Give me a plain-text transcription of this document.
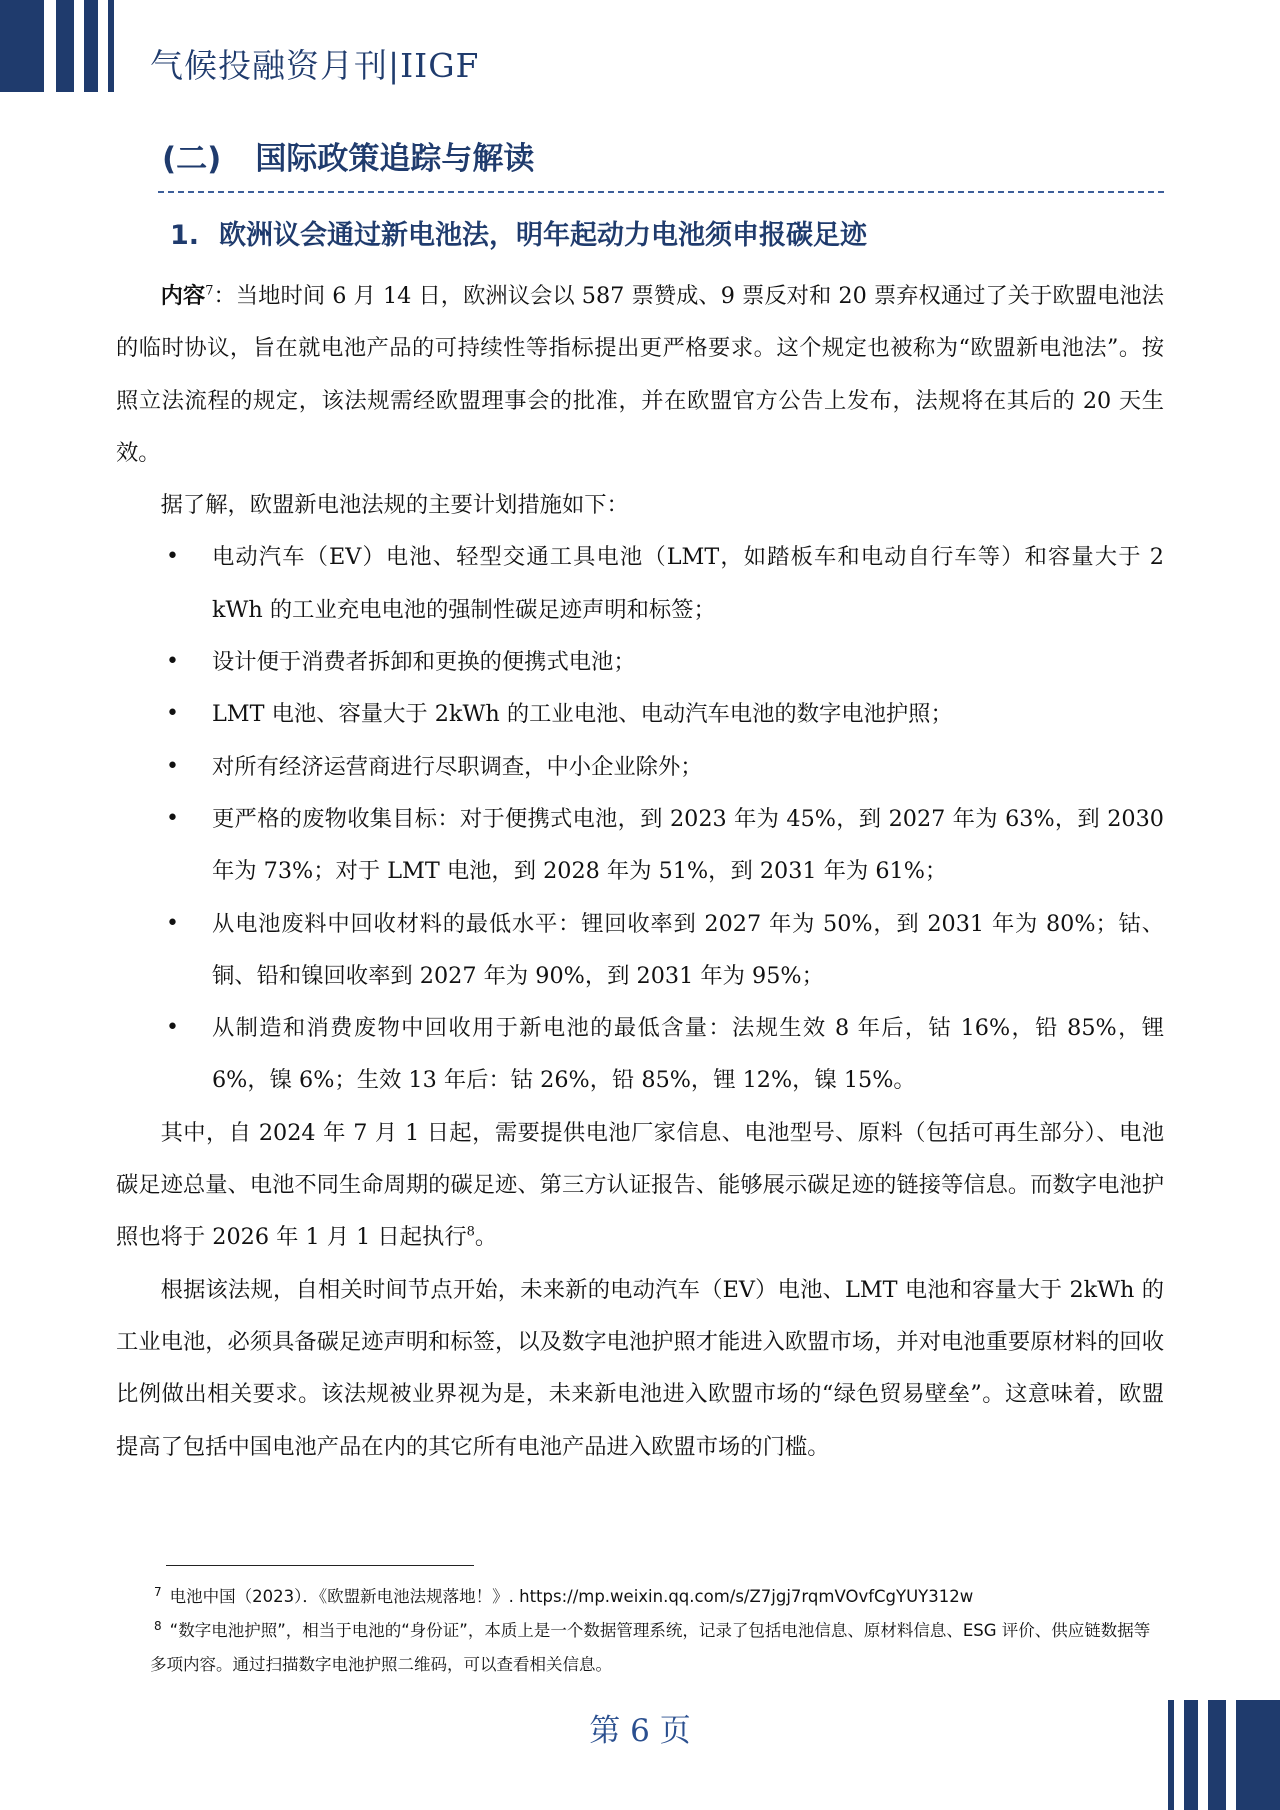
气候投融资月刊|IIGF
(二) 国际政策追踪与解读
1. 欧洲议会通过新电池法，明年起动力电池须申报碳足迹

内容$^7$：当地时间 6 月 14 日，欧洲议会以 587 票赞成、9 票反对和 20 票弃权通过了关于欧盟电池法的临时协议，旨在就电池产品的可持续性等指标提出更严格要求。这个规定也被称为“欧盟新电池法”。按照立法流程的规定，该法规需经欧盟理事会的批准，并在欧盟官方公告上发布，法规将在其后的 20 天生效。

据了解，欧盟新电池法规的主要计划措施如下：

• 电动汽车（EV）电池、轻型交通工具电池（LMT，如踏板车和电动自行车等）和容量大于 2 kWh 的工业充电电池的强制性碳足迹声明和标签；
• 设计便于消费者拆卸和更换的便携式电池；
• LMT 电池、容量大于 2kWh 的工业电池、电动汽车电池的数字电池护照；
• 对所有经济运营商进行尽职调查，中小企业除外；
• 更严格的废物收集目标：对于便携式电池，到 2023 年为 45%，到 2027 年为 63%，到 2030 年为 73%；对于 LMT 电池，到 2028 年为 51%，到 2031 年为 61%；
• 从电池废料中回收材料的最低水平：锂回收率到 2027 年为 50%，到 2031 年为 80%；钴、铜、铅和镍回收率到 2027 年为 90%，到 2031 年为 95%；
• 从制造和消费废物中回收用于新电池的最低含量：法规生效 8 年后，钴 16%，铅 85%，锂 6%，镍 6%；生效 13 年后：钴 26%，铅 85%，锂 12%，镍 15%。

其中，自 2024 年 7 月 1 日起，需要提供电池厂家信息、电池型号、原料（包括可再生部分）、电池碳足迹总量、电池不同生命周期的碳足迹、第三方认证报告、能够展示碳足迹的链接等信息。而数字电池护照也将于 2026 年 1 月 1 日起执行$^8$。

根据该法规，自相关时间节点开始，未来新的电动汽车（EV）电池、LMT 电池和容量大于 2kWh 的工业电池，必须具备碳足迹声明和标签，以及数字电池护照才能进入欧盟市场，并对电池重要原材料的回收比例做出相关要求。该法规被业界视为是，未来新电池进入欧盟市场的“绿色贸易壁垒”。这意味着，欧盟提高了包括中国电池产品在内的其它所有电池产品进入欧盟市场的门槛。

$^7$ 电池中国（2023）．《欧盟新电池法规落地！》. https://mp.weixin.qq.com/s/Z7jgj7rqmVOvfCgYUY312w

$^8$ “数字电池护照”，相当于电池的“身份证”，本质上是一个数据管理系统，记录了包括电池信息、原材料信息、ESG 评价、供应链数据等多项内容。通过扫描数字电池护照二维码，可以查看相关信息。

第 6 页
